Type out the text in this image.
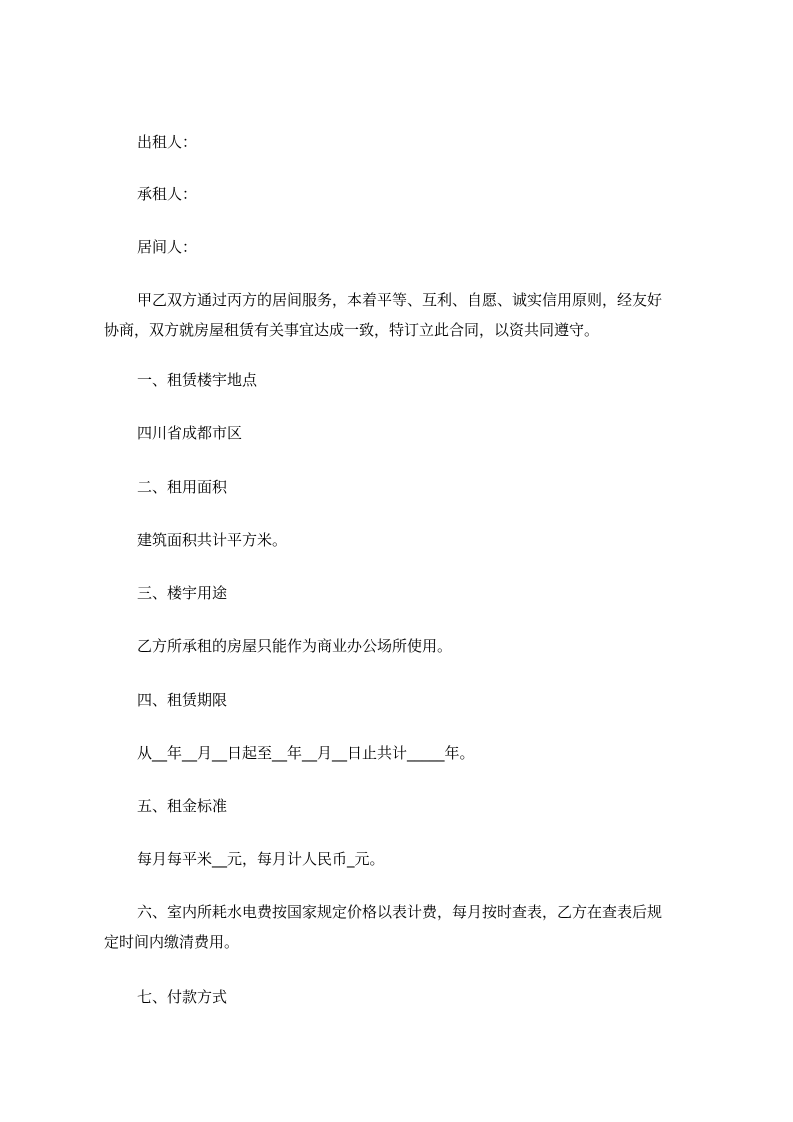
出租人：
承租人：
居间人：
甲乙双方通过丙方的居间服务，本着平等、互利、自愿、诚实信用原则，经友好
协商，双方就房屋租赁有关事宜达成一致，特订立此合同，以资共同遵守。
一、租赁楼宇地点
四川省成都市区
二、租用面积
建筑面积共计平方米。
三、楼宇用途
乙方所承租的房屋只能作为商业办公场所使用。
四、租赁期限
从__年__月__日起至__年__月__日止共计_____年。
五、租金标准
每月每平米__元，每月计人民币_元。
六、室内所耗水电费按国家规定价格以表计费，每月按时查表，乙方在查表后规
定时间内缴清费用。
七、付款方式
